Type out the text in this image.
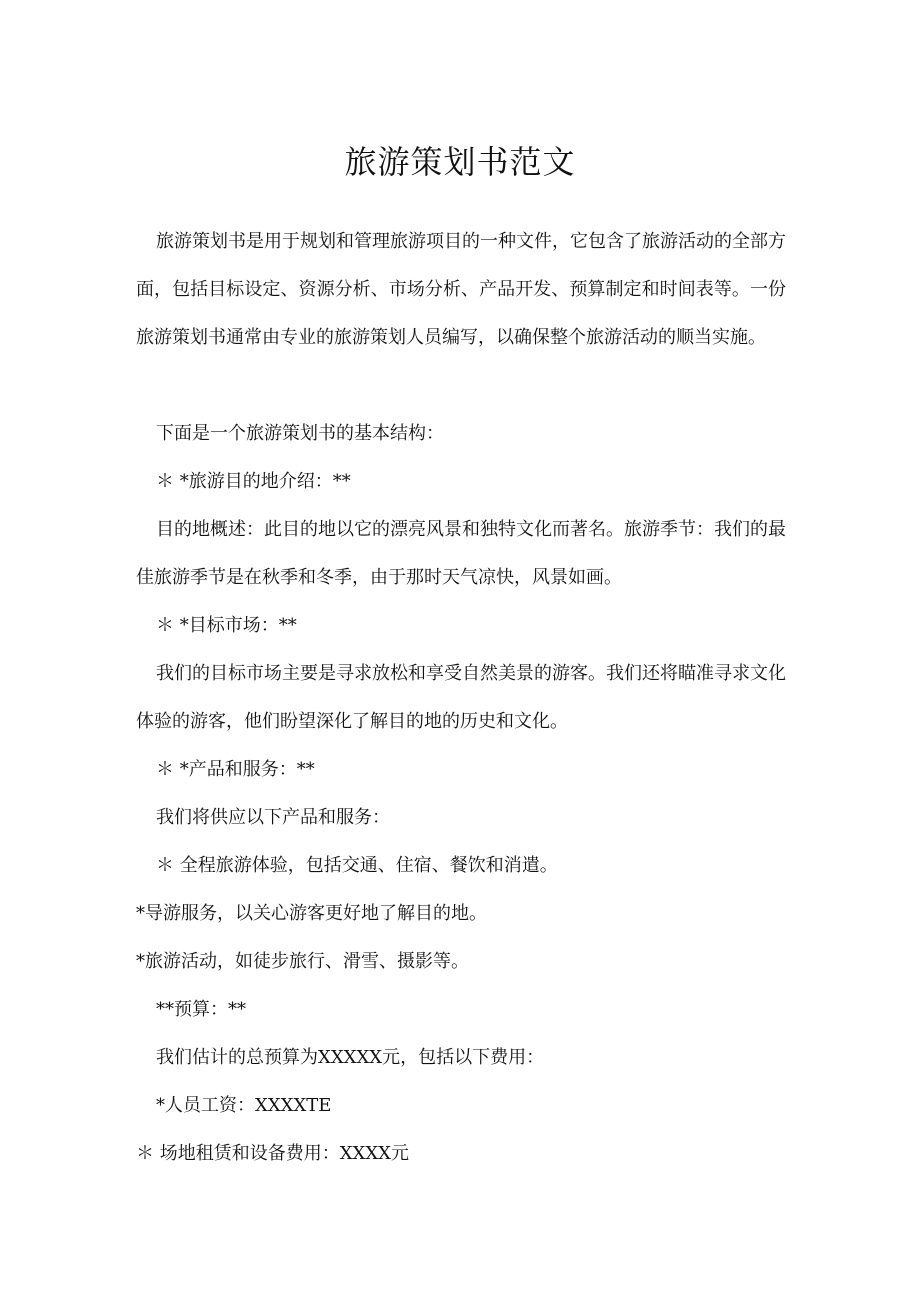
旅游策划书范文
旅游策划书是用于规划和管理旅游项目的一种文件，它包含了旅游活动的全部方面，包括目标设定、资源分析、市场分析、产品开发、预算制定和时间表等。一份旅游策划书通常由专业的旅游策划人员编写，以确保整个旅游活动的顺当实施。
下面是一个旅游策划书的基本结构：
＊ *旅游目的地介绍：**
目的地概述：此目的地以它的漂亮风景和独特文化而著名。旅游季节：我们的最佳旅游季节是在秋季和冬季，由于那时天气凉快，风景如画。
＊ *目标市场：**
我们的目标市场主要是寻求放松和享受自然美景的游客。我们还将瞄准寻求文化体验的游客，他们盼望深化了解目的地的历史和文化。
＊ *产品和服务：**
我们将供应以下产品和服务：
＊ 全程旅游体验，包括交通、住宿、餐饮和消遣。
*导游服务，以关心游客更好地了解目的地。
*旅游活动，如徒步旅行、滑雪、摄影等。
**预算：**
我们估计的总预算为XXXXX元，包括以下费用：
*人员工资：XXXXTE
＊ 场地租赁和设备费用：XXXX元
